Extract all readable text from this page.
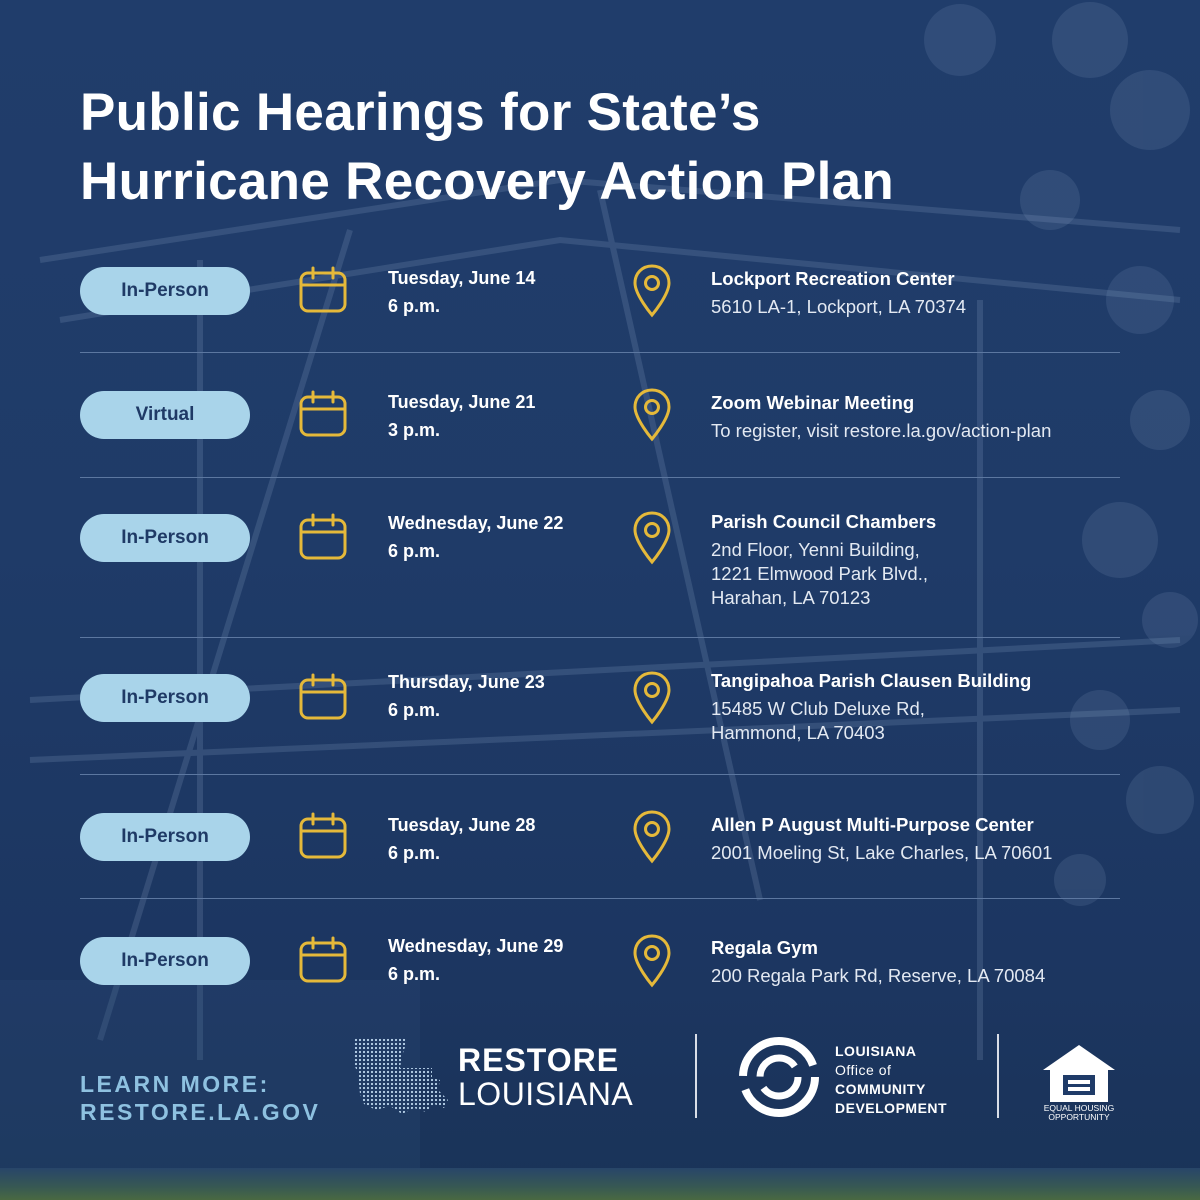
Public Hearings for State’s
Hurricane Recovery Action Plan
In-Person
Tuesday, June 14
6 p.m.
Lockport Recreation Center
5610 LA-1, Lockport, LA 70374
Virtual
Tuesday, June 21
3 p.m.
Zoom Webinar Meeting
To register, visit restore.la.gov/action-plan
In-Person
Wednesday, June 22
6 p.m.
Parish Council Chambers
2nd Floor, Yenni Building,
1221 Elmwood Park Blvd.,
Harahan, LA 70123
In-Person
Thursday, June 23
6 p.m.
Tangipahoa Parish Clausen Building
15485 W Club Deluxe Rd,
Hammond, LA 70403
In-Person
Tuesday, June 28
6 p.m.
Allen P August Multi-Purpose Center
2001 Moeling St, Lake Charles, LA 70601
In-Person
Wednesday, June 29
6 p.m.
Regala Gym
200 Regala Park Rd, Reserve, LA 70084
LEARN MORE:
RESTORE.LA.GOV
RESTORE
LOUISIANA
LOUISIANA
Office of
COMMUNITY
DEVELOPMENT	EQUAL HOUSING
OPPORTUNITY
